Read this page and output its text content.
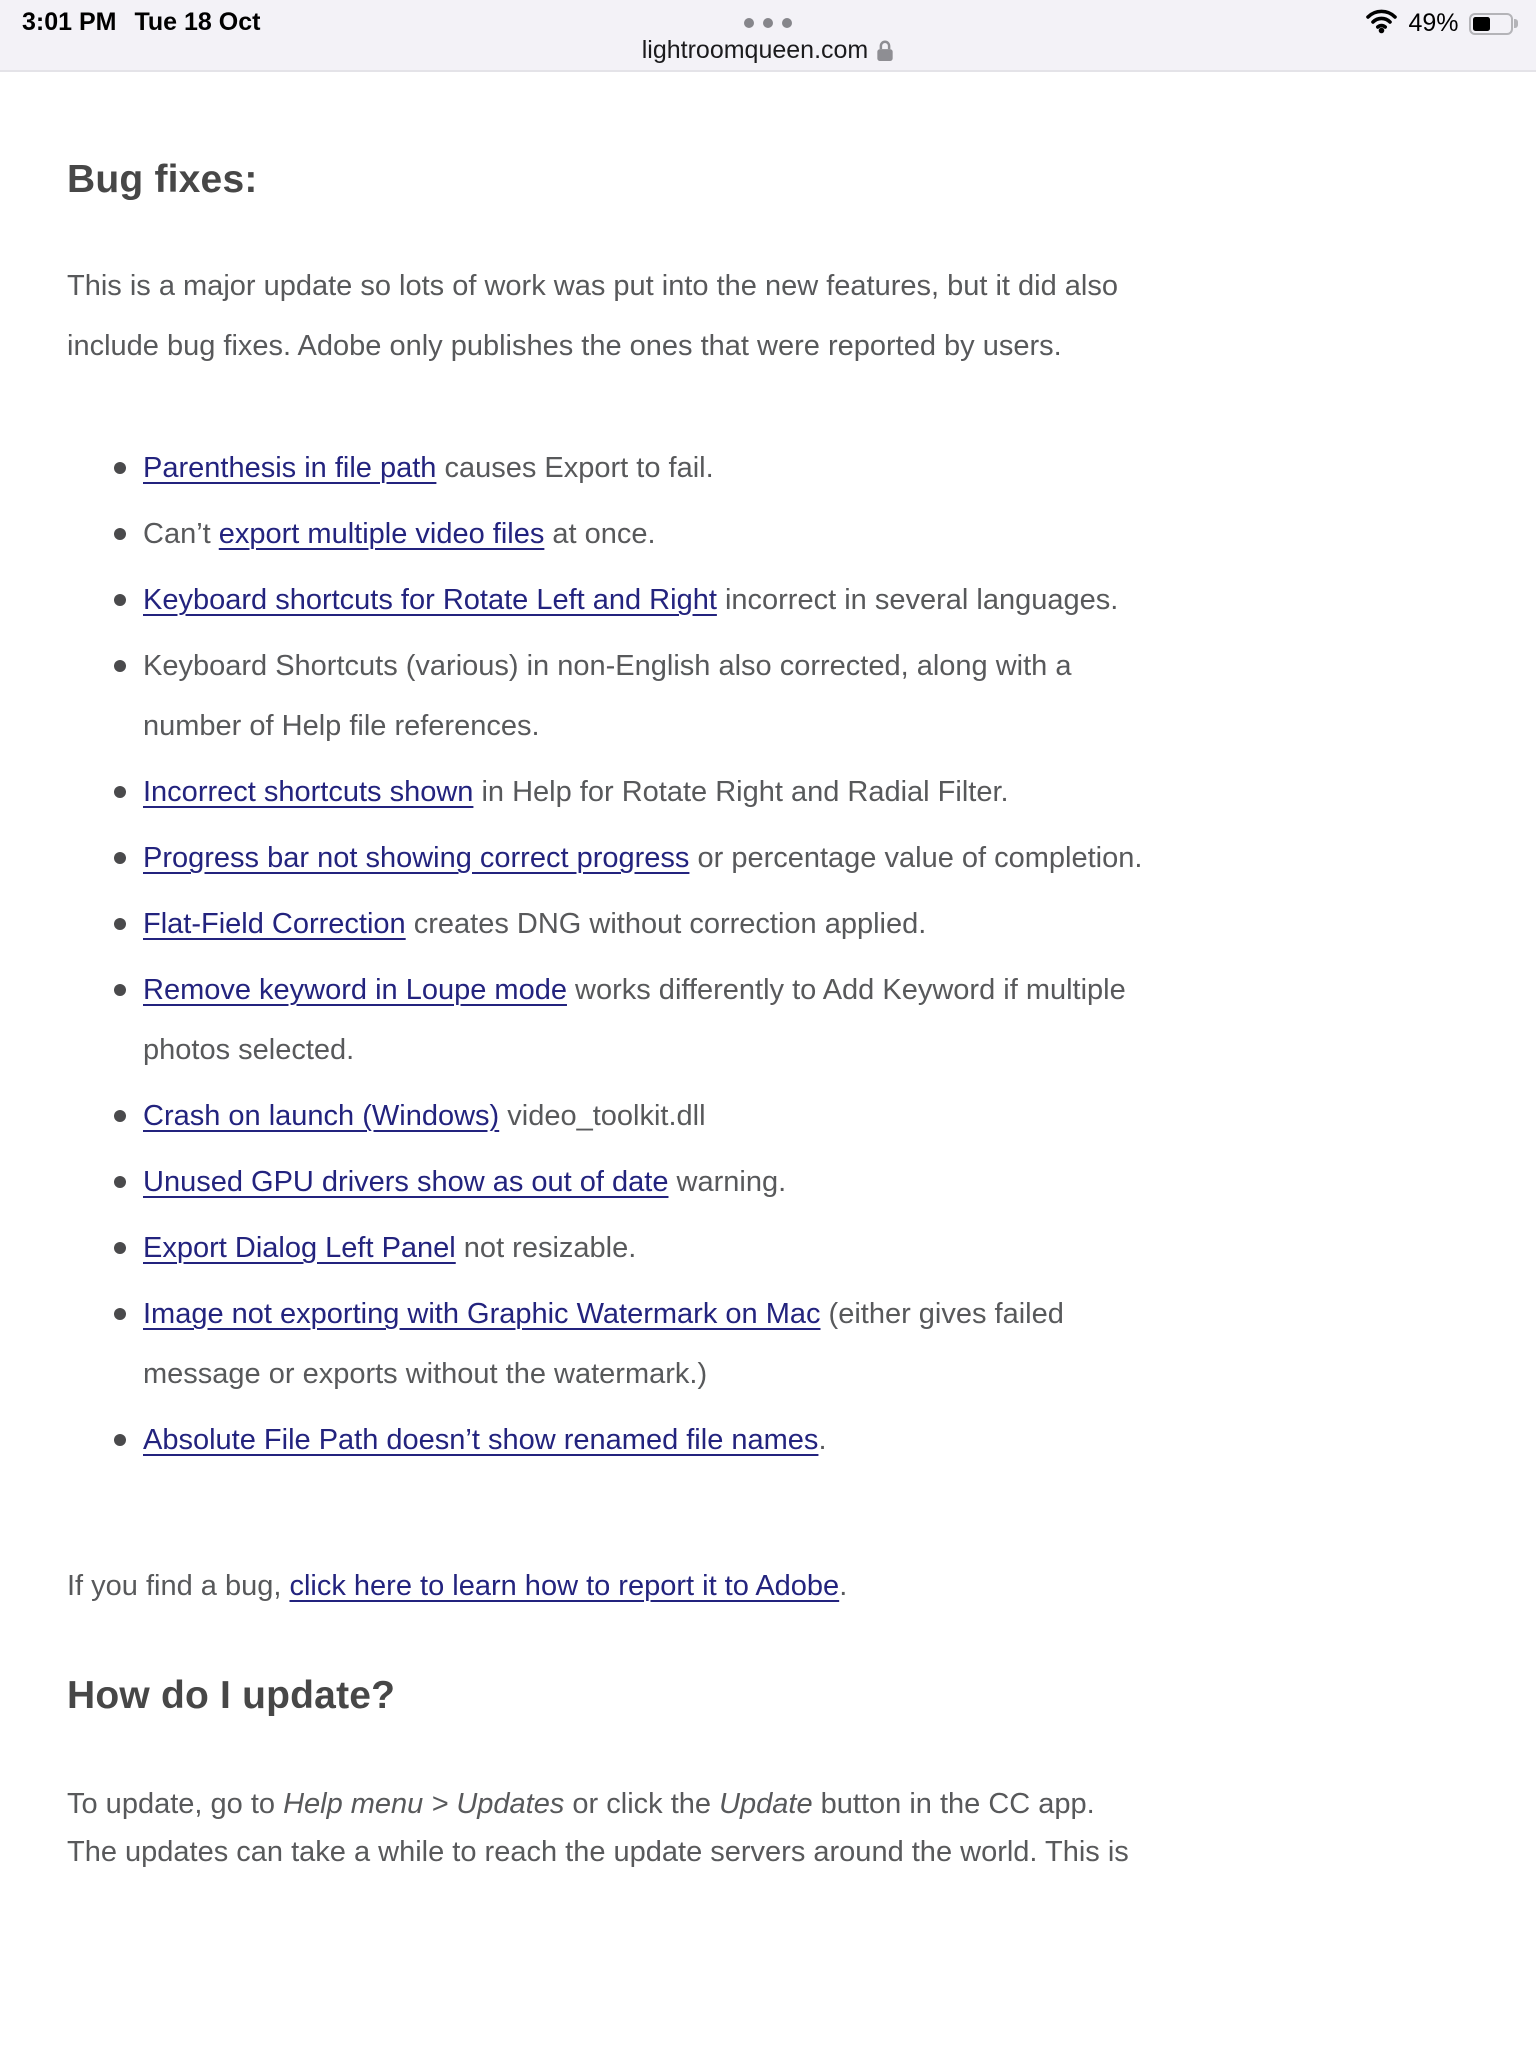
3:01 PM Tue 18 Oct	49%
lightroomqueen.com
Bug fixes:

This is a major update so lots of work was put into the new features, but it did also include bug fixes. Adobe only publishes the ones that were reported by users.

Parenthesis in file path causes Export to fail.
Can’t export multiple video files at once.
Keyboard shortcuts for Rotate Left and Right incorrect in several languages.
Keyboard Shortcuts (various) in non-English also corrected, along with a number of Help file references.
Incorrect shortcuts shown in Help for Rotate Right and Radial Filter.
Progress bar not showing correct progress or percentage value of completion.
Flat-Field Correction creates DNG without correction applied.
Remove keyword in Loupe mode works differently to Add Keyword if multiple photos selected.
Crash on launch (Windows) video_toolkit.dll
Unused GPU drivers show as out of date warning.
Export Dialog Left Panel not resizable.
Image not exporting with Graphic Watermark on Mac (either gives failed message or exports without the watermark.)
Absolute File Path doesn’t show renamed file names.

If you find a bug, click here to learn how to report it to Adobe.

How do I update?

To update, go to Help menu > Updates or click the Update button in the CC app.

The updates can take a while to reach the update servers around the world. This is
